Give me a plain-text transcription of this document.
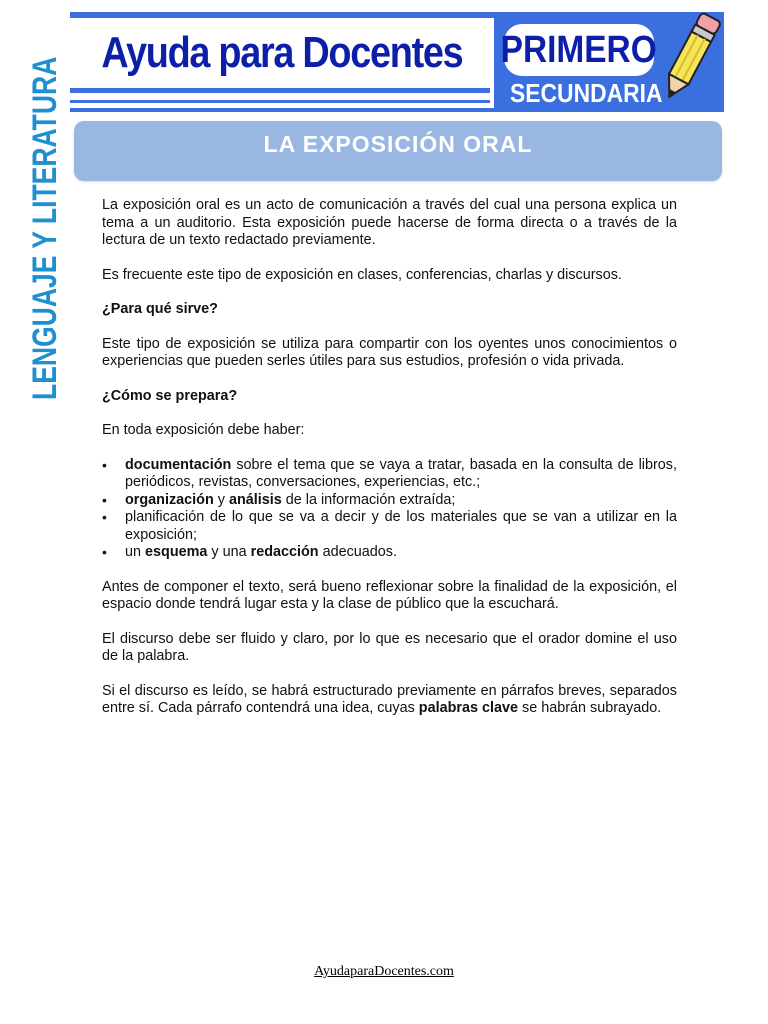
Ayuda para Docentes PRIMERO
SECUNDARIA
LENGUAJE Y LITERATURA	LA EXPOSICIÓN ORAL

La exposición oral es un acto de comunicación a través del cual una persona explica un tema a un auditorio. Esta exposición puede hacerse de forma directa o a través de la lectura de un texto redactado previamente.

Es frecuente este tipo de exposición en clases, conferencias, charlas y discursos.

¿Para qué sirve?

Este tipo de exposición se utiliza para compartir con los oyentes unos conocimientos o experiencias que pueden serles útiles para sus estudios, profesión o vida privada.

¿Cómo se prepara?

En toda exposición debe haber:

• documentación sobre el tema que se vaya a tratar, basada en la consulta de libros, periódicos, revistas, conversaciones, experiencias, etc.;
• organización y análisis de la información extraída;
• planificación de lo que se va a decir y de los materiales que se van a utilizar en la exposición;
• un esquema y una redacción adecuados.

Antes de componer el texto, será bueno reflexionar sobre la finalidad de la exposición, el espacio donde tendrá lugar esta y la clase de público que la escuchará.

El discurso debe ser fluido y claro, por lo que es necesario que el orador domine el uso de la palabra.

Si el discurso es leído, se habrá estructurado previamente en párrafos breves, separados entre sí. Cada párrafo contendrá una idea, cuyas palabras clave se habrán subrayado.

AyudaparaDocentes.com
